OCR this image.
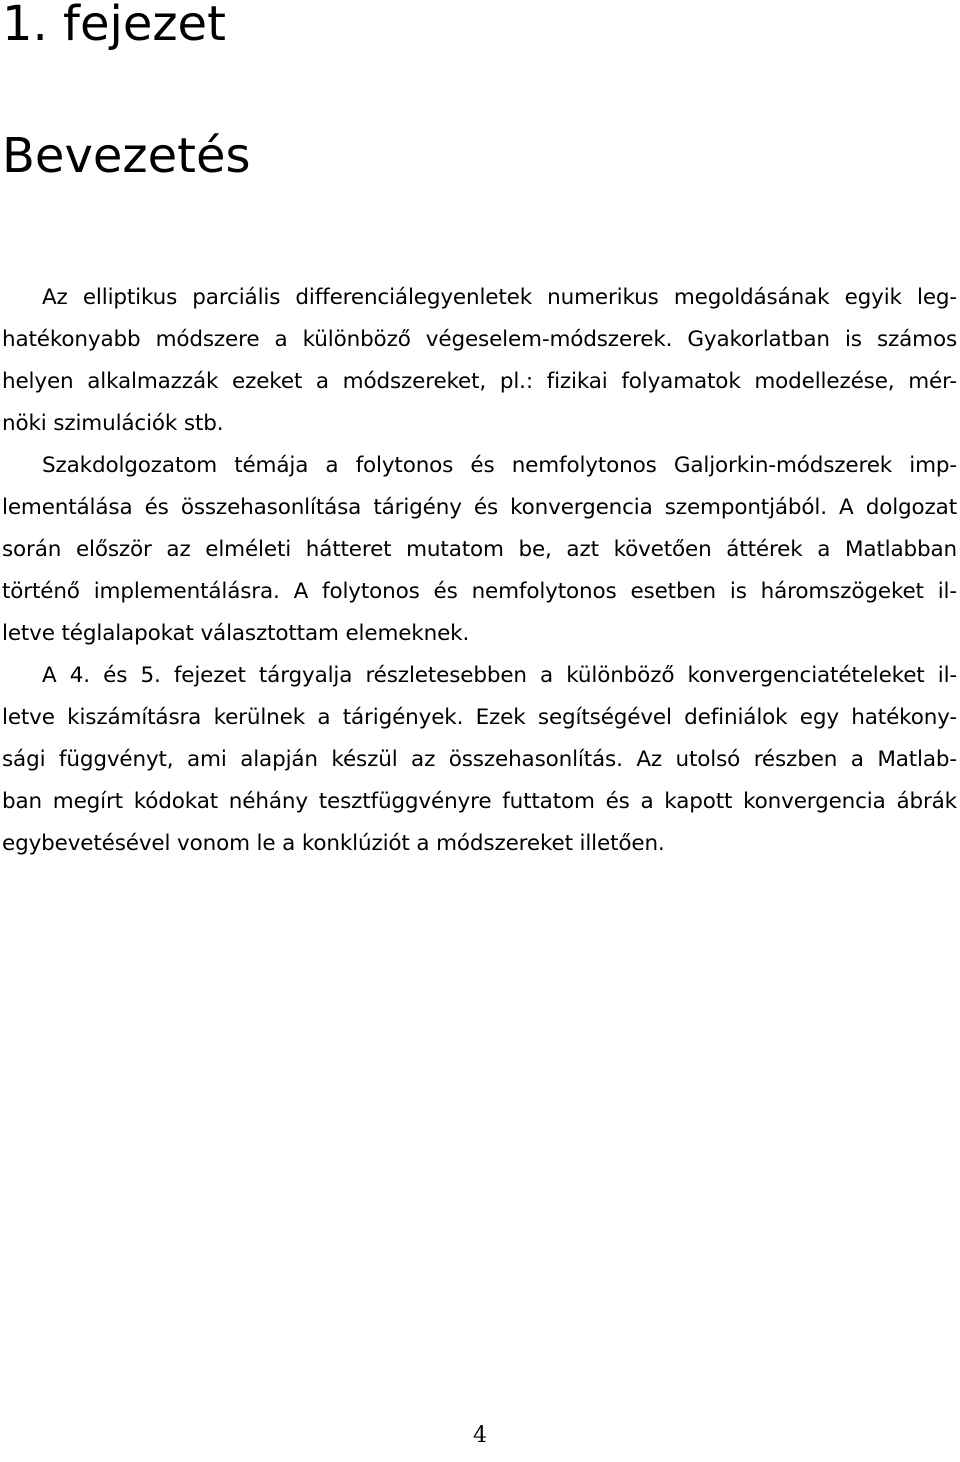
1. fejezet
Bevezetés
Az elliptikus parciális differenciálegyenletek numerikus megoldásának egyik leg-
hatékonyabb módszere a különböző végeselem-módszerek. Gyakorlatban is számos
helyen alkalmazzák ezeket a módszereket, pl.: fizikai folyamatok modellezése, mér-
nöki szimulációk stb.
Szakdolgozatom témája a folytonos és nemfolytonos Galjorkin-módszerek imp-
lementálása és összehasonlítása tárigény és konvergencia szempontjából. A dolgozat
során először az elméleti hátteret mutatom be, azt követően áttérek a Matlabban
történő implementálásra. A folytonos és nemfolytonos esetben is háromszögeket il-
letve téglalapokat választottam elemeknek.
A 4. és 5. fejezet tárgyalja részletesebben a különböző konvergenciatételeket il-
letve kiszámításra kerülnek a tárigények. Ezek segítségével definiálok egy hatékony-
sági függvényt, ami alapján készül az összehasonlítás. Az utolsó részben a Matlab-
ban megírt kódokat néhány tesztfüggvényre futtatom és a kapott konvergencia ábrák
egybevetésével vonom le a konklúziót a módszereket illetően.
4
